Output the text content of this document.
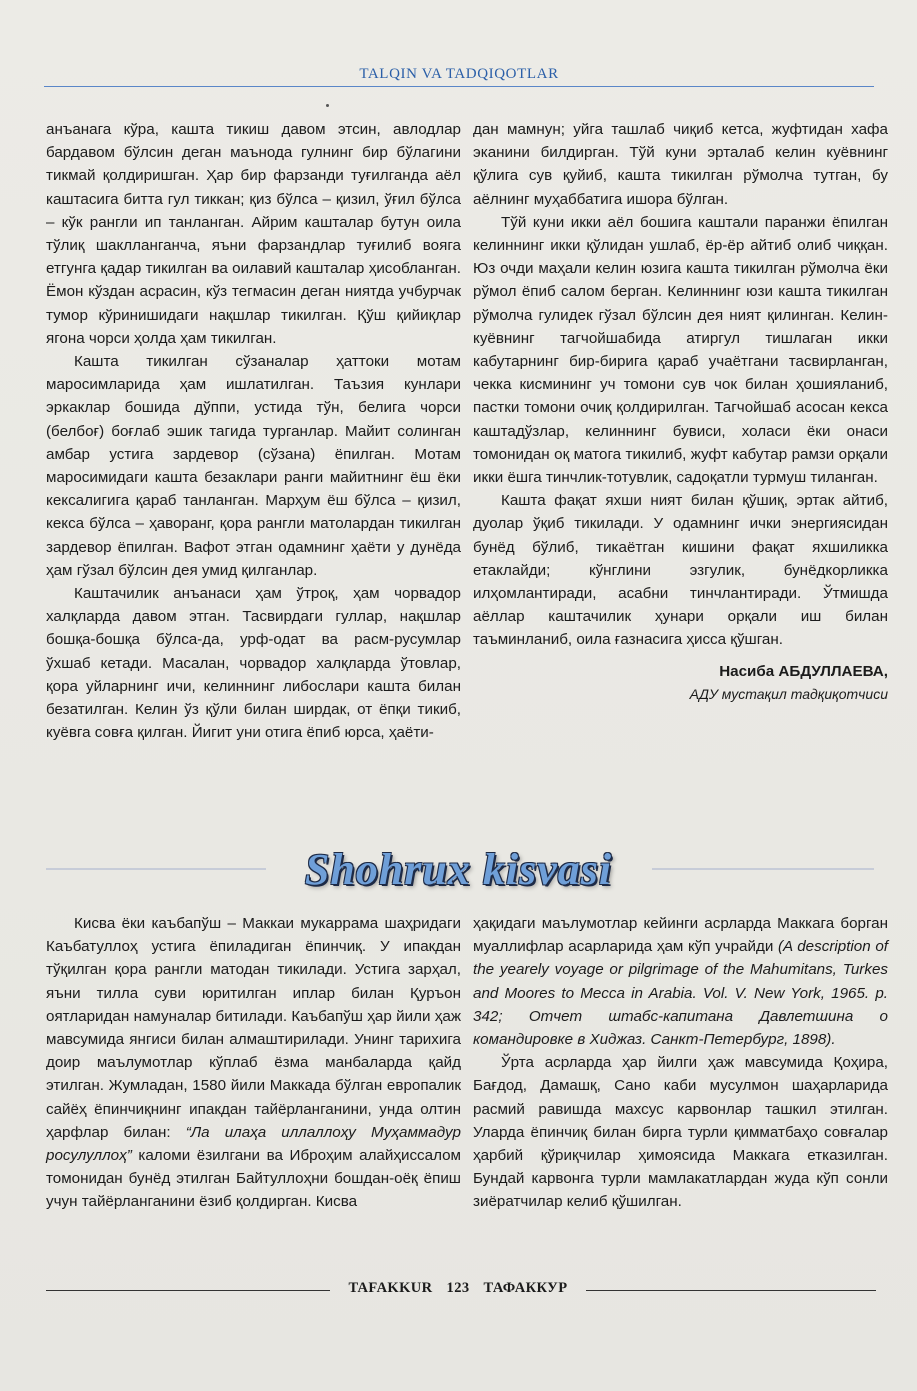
TALQIN VA TADQIQOTLAR

анъанага кўра, кашта тикиш давом этсин, авлодлар бардавом бўлсин деган маънода гулнинг бир бўлагини тикмай қолдиришган. Ҳар бир фарзанди туғилганда аёл каштасига битта гул тиккан; қиз бўлса – қизил, ўғил бўлса – кўк рангли ип танланган. Айрим кашталар бутун оила тўлиқ шаклланганча, яъни фарзандлар туғилиб вояга етгунга қадар тикилган ва оилавий кашталар ҳисобланган. Ёмон кўздан асрасин, кўз тегмасин деган ниятда учбурчак тумор кўринишидаги нақшлар тикилган. Қўш қийиқлар ягона чорси ҳолда ҳам тикилган.

Кашта тикилган сўзаналар ҳаттоки мотам маросимларида ҳам ишлатилган. Таъзия кунлари эркаклар бошида дўппи, устида тўн, белига чорси (белбоғ) боғлаб эшик тагида турганлар. Майит солинган амбар устига зардевор (сўзана) ёпилган. Мотам маросимидаги кашта безаклари ранги майитнинг ёш ёки кексалигига қараб танланган. Марҳум ёш бўлса – қизил, кекса бўлса – ҳаворанг, қора рангли матолардан тикилган зардевор ёпилган. Вафот этган одамнинг ҳаёти у дунёда ҳам гўзал бўлсин дея умид қилганлар.

Каштачилик анъанаси ҳам ўтроқ, ҳам чорвадор халқларда давом этган. Тасвирдаги гуллар, нақшлар бошқа-бошқа бўлса-да, урф-одат ва расм-русумлар ўхшаб кетади. Масалан, чорвадор халқларда ўтовлар, қора уйларнинг ичи, келиннинг либослари кашта билан безатилган. Келин ўз қўли билан ширдак, от ёпқи тикиб, куёвга совға қилган. Йигит уни отига ёпиб юрса, ҳаёти-

дан мамнун; уйга ташлаб чиқиб кетса, жуфтидан хафа эканини билдирган. Тўй куни эрталаб келин куёвнинг қўлига сув қуйиб, кашта тикилган рўмолча тутган, бу аёлнинг муҳаббатига ишора бўлган.

Тўй куни икки аёл бошига каштали паранжи ёпилган келиннинг икки қўлидан ушлаб, ёр-ёр айтиб олиб чиққан. Юз очди маҳали келин юзига кашта тикилган рўмолча ёки рўмол ёпиб салом берган. Келиннинг юзи кашта тикилган рўмолча гулидек гўзал бўлсин дея ният қилинган. Келин-куёвнинг тагчойшабида атиргул тишлаган икки кабутарнинг бир-бирига қараб учаётгани тасвирланган, чекка кисмининг уч томони сув чок билан ҳошияланиб, пастки томони очиқ қолдирилган. Тагчойшаб асосан кекса каштадўзлар, келиннинг бувиси, холаси ёки онаси томонидан оқ матога тикилиб, жуфт кабутар рамзи орқали икки ёшга тинчлик-тотувлик, садоқатли турмуш тиланган.

Кашта фақат яхши ният билан қўшиқ, эртак айтиб, дуолар ўқиб тикилади. У одамнинг ички энергиясидан бунёд бўлиб, тикаётган кишини фақат яхшиликка етаклайди; кўнглини эзгулик, бунёдкорликка илҳомлантиради, асабни тинчлантиради. Ўтмишда аёллар каштачилик ҳунари орқали иш билан таъминланиб, оила ғазнасига ҳисса қўшган.

Насиба АБДУЛЛАЕВА,
АДУ мустақил тадқиқотчиси
Shohrux kisvasi

Кисва ёки каъбапўш – Маккаи мукаррама шаҳридаги Каъбатуллоҳ устига ёпиладиган ёпинчиқ. У ипакдан тўқилган қора рангли матодан тикилади. Устига зарҳал, яъни тилла суви юритилган иплар билан Қуръон оятларидан намуналар битилади. Каъбапўш ҳар йили ҳаж мавсумида янгиси билан алмаштирилади. Унинг тарихига доир маълумотлар кўплаб ёзма манбаларда қайд этилган. Жумладан, 1580 йили Маккада бўлган европалик сайёҳ ёпинчиқнинг ипакдан тайёрланганини, унда олтин ҳарфлар билан: “Ла илаҳа иллаллоҳу Муҳаммадур росулуллоҳ” каломи ёзилгани ва Иброҳим алайҳиссалом томонидан бунёд этилган Байтуллоҳни бошдан-оёқ ёпиш учун тайёрланганини ёзиб қолдирган. Кисва

ҳақидаги маълумотлар кейинги асрларда Маккага борган муаллифлар асарларида ҳам кўп учрайди (A description of the yearely voyage or pilgrimage of the Mahumitans, Turkes and Moores to Mecca in Arabia. Vol. V. New York, 1965. p. 342; Отчет штабс-капитана Давлетшина о командировке в Хиджаз. Санкт-Петербург, 1898).

Ўрта асрларда ҳар йилги ҳаж мавсумида Қоҳира, Бағдод, Дамашқ, Сано каби мусулмон шаҳарларида расмий равишда махсус карвонлар ташкил этилган. Уларда ёпинчиқ билан бирга турли қимматбаҳо совғалар ҳарбий қўриқчилар ҳимоясида Маккага етказилган. Бундай карвонга турли мамлакатлардан жуда кўп сонли зиёратчилар келиб қўшилган.

TAFAKKUR 123 ТАФАККУР
